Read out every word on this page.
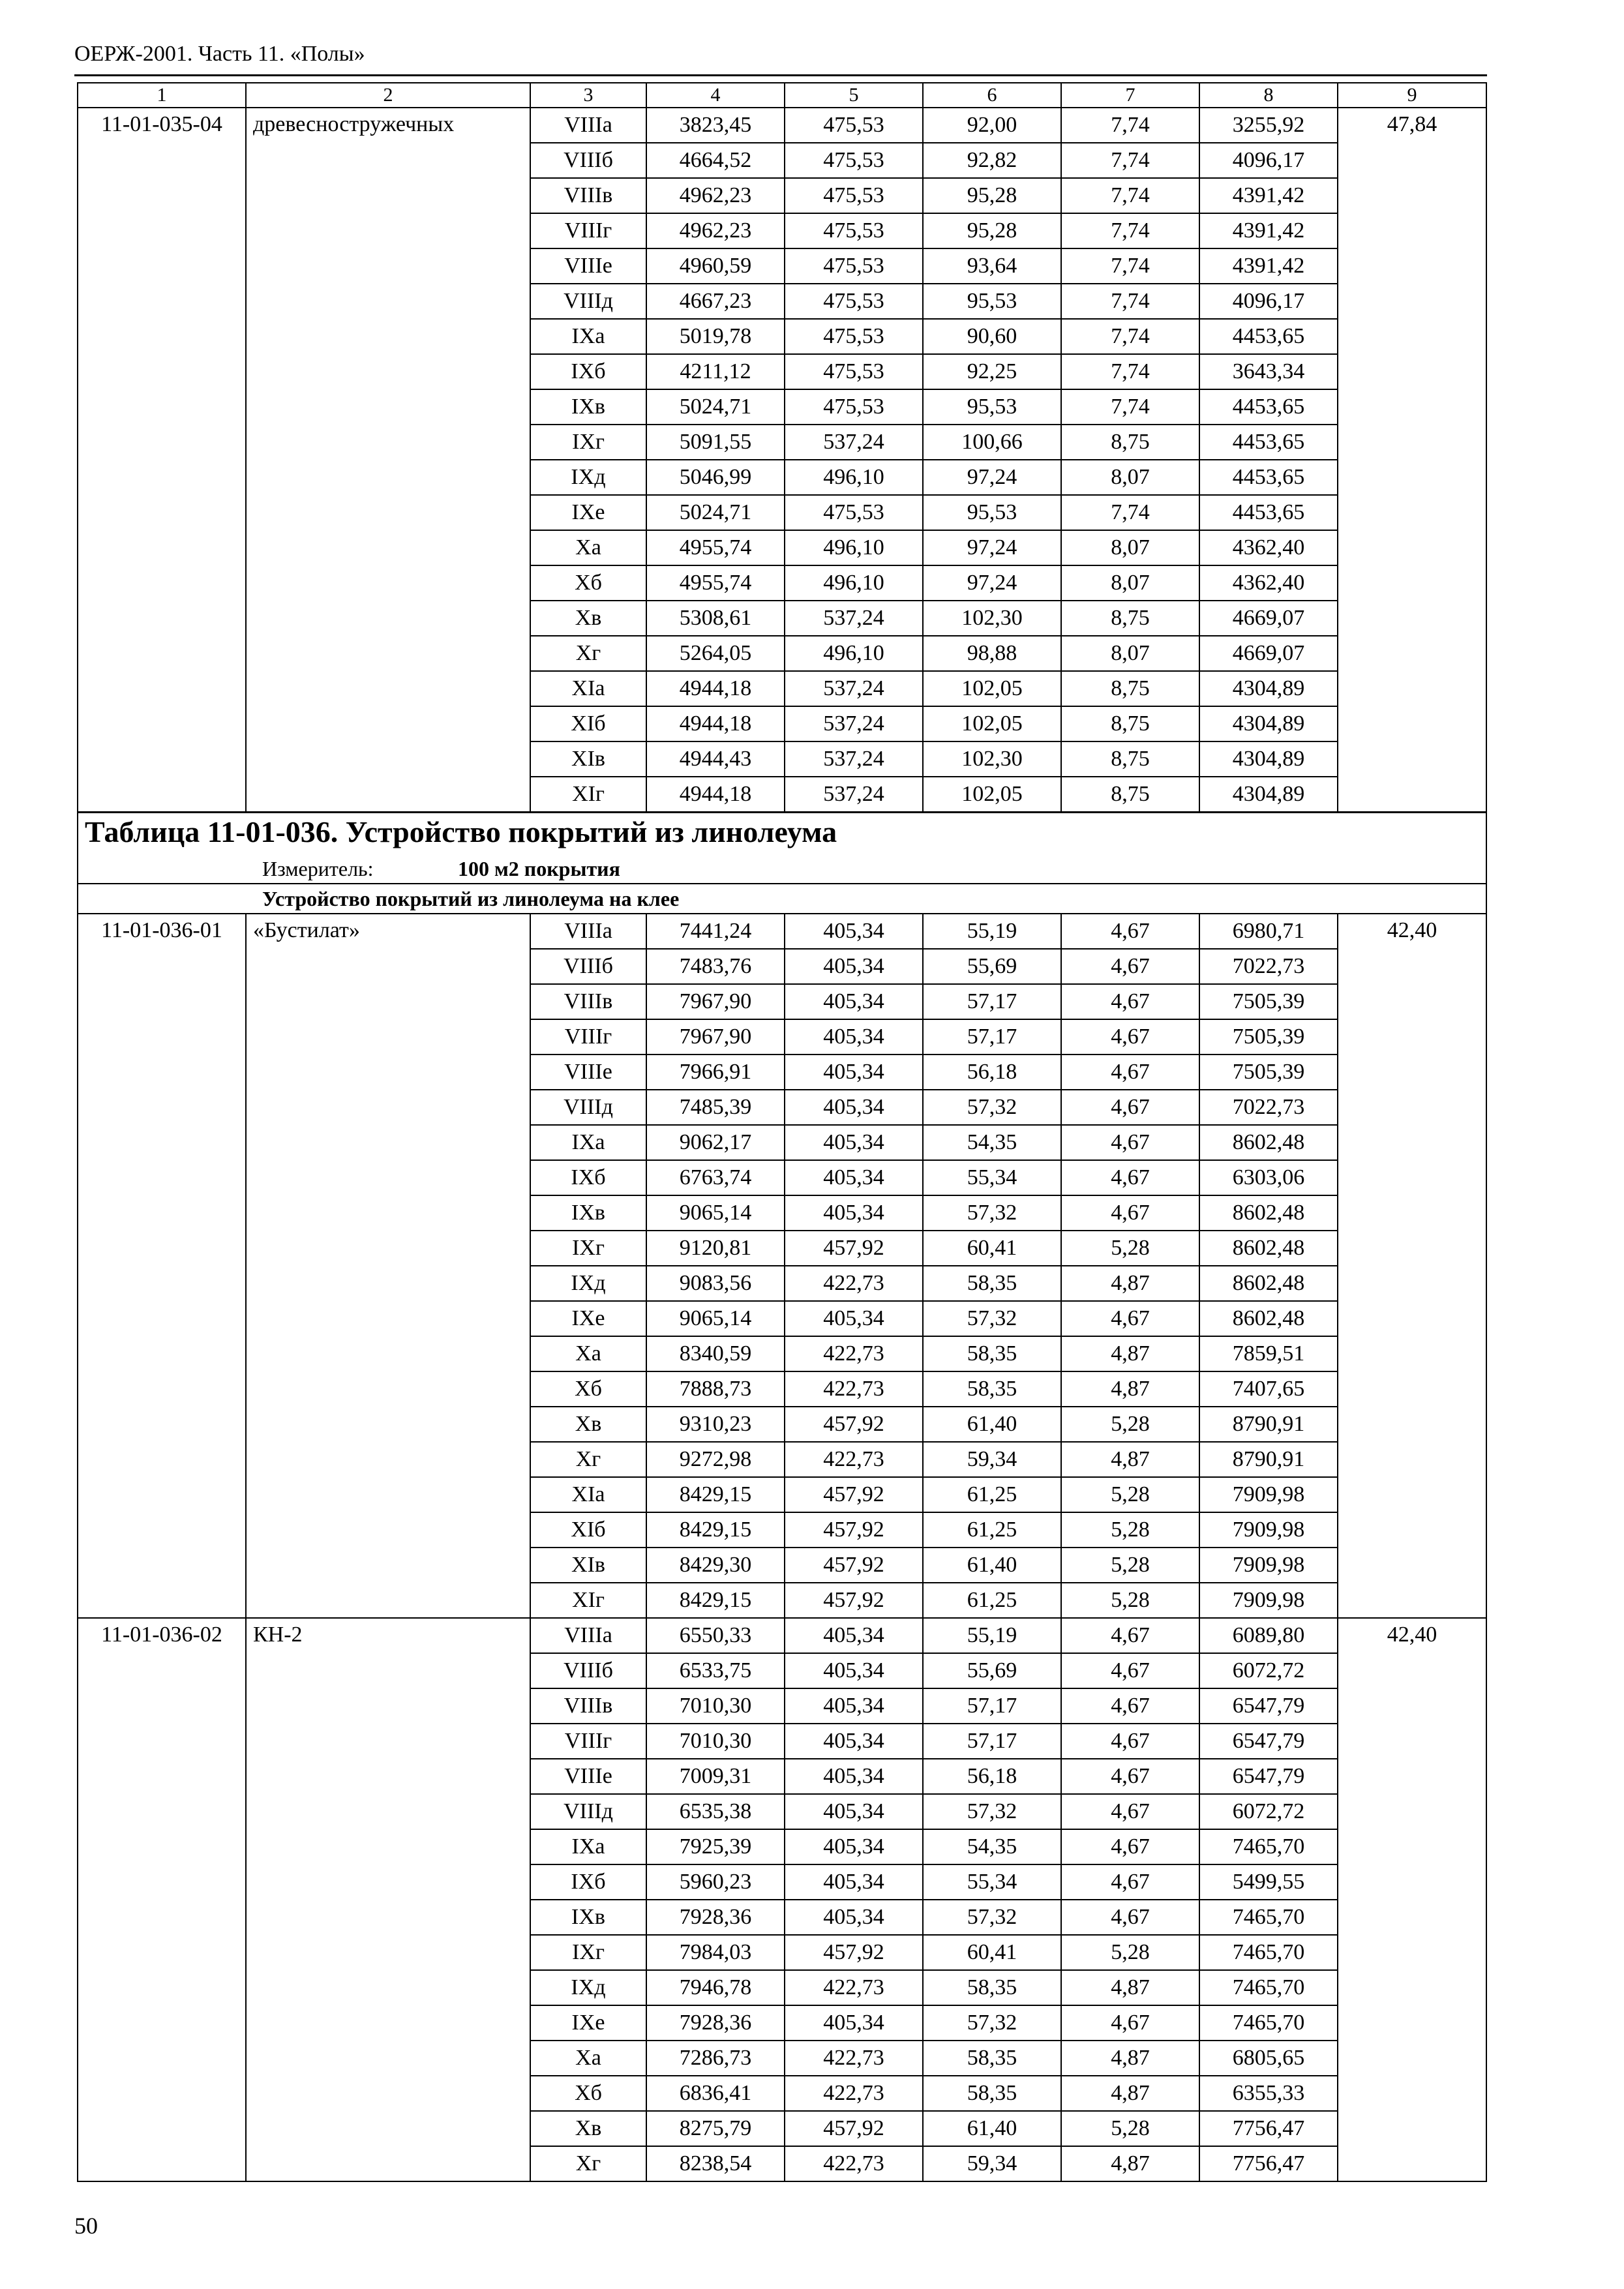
ОЕРЖ-2001. Часть 11. «Полы»
1	2	3	4	5	6	7	8	9
11-01-035-04	древесностружечных	VIIIа	3823,45	475,53	92,00	7,74	3255,92	47,84
		VIIIб	4664,52	475,53	92,82	7,74	4096,17	
		VIIIв	4962,23	475,53	95,28	7,74	4391,42	
		VIIIг	4962,23	475,53	95,28	7,74	4391,42	
		VIIIе	4960,59	475,53	93,64	7,74	4391,42	
		VIIIд	4667,23	475,53	95,53	7,74	4096,17	
		IXа	5019,78	475,53	90,60	7,74	4453,65	
		IXб	4211,12	475,53	92,25	7,74	3643,34	
		IXв	5024,71	475,53	95,53	7,74	4453,65	
		IXг	5091,55	537,24	100,66	8,75	4453,65	
		IXд	5046,99	496,10	97,24	8,07	4453,65	
		IXе	5024,71	475,53	95,53	7,74	4453,65	
		Xа	4955,74	496,10	97,24	8,07	4362,40	
		Xб	4955,74	496,10	97,24	8,07	4362,40	
		Xв	5308,61	537,24	102,30	8,75	4669,07	
		Xг	5264,05	496,10	98,88	8,07	4669,07	
		XIа	4944,18	537,24	102,05	8,75	4304,89	
		XIб	4944,18	537,24	102,05	8,75	4304,89	
		XIв	4944,43	537,24	102,30	8,75	4304,89	
		XIг	4944,18	537,24	102,05	8,75	4304,89	
Таблица 11-01-036. Устройство покрытий из линолеума								
Измеритель: 100 м2 покрытия								
Устройство покрытий из линолеума на клее								
11-01-036-01	«Бустилат»	VIIIа	7441,24	405,34	55,19	4,67	6980,71	42,40
		VIIIб	7483,76	405,34	55,69	4,67	7022,73	
		VIIIв	7967,90	405,34	57,17	4,67	7505,39	
		VIIIг	7967,90	405,34	57,17	4,67	7505,39	
		VIIIе	7966,91	405,34	56,18	4,67	7505,39	
		VIIIд	7485,39	405,34	57,32	4,67	7022,73	
		IXа	9062,17	405,34	54,35	4,67	8602,48	
		IXб	6763,74	405,34	55,34	4,67	6303,06	
		IXв	9065,14	405,34	57,32	4,67	8602,48	
		IXг	9120,81	457,92	60,41	5,28	8602,48	
		IXд	9083,56	422,73	58,35	4,87	8602,48	
		IXе	9065,14	405,34	57,32	4,67	8602,48	
		Xа	8340,59	422,73	58,35	4,87	7859,51	
		Xб	7888,73	422,73	58,35	4,87	7407,65	
		Xв	9310,23	457,92	61,40	5,28	8790,91	
		Xг	9272,98	422,73	59,34	4,87	8790,91	
		XIа	8429,15	457,92	61,25	5,28	7909,98	
		XIб	8429,15	457,92	61,25	5,28	7909,98	
		XIв	8429,30	457,92	61,40	5,28	7909,98	
		XIг	8429,15	457,92	61,25	5,28	7909,98	
11-01-036-02	КН-2	VIIIа	6550,33	405,34	55,19	4,67	6089,80	42,40
		VIIIб	6533,75	405,34	55,69	4,67	6072,72	
		VIIIв	7010,30	405,34	57,17	4,67	6547,79	
		VIIIг	7010,30	405,34	57,17	4,67	6547,79	
		VIIIе	7009,31	405,34	56,18	4,67	6547,79	
		VIIIд	6535,38	405,34	57,32	4,67	6072,72	
		IXа	7925,39	405,34	54,35	4,67	7465,70	
		IXб	5960,23	405,34	55,34	4,67	5499,55	
		IXв	7928,36	405,34	57,32	4,67	7465,70	
		IXг	7984,03	457,92	60,41	5,28	7465,70	
		IXд	7946,78	422,73	58,35	4,87	7465,70	
		IXе	7928,36	405,34	57,32	4,67	7465,70	
		Xа	7286,73	422,73	58,35	4,87	6805,65	
		Xб	6836,41	422,73	58,35	4,87	6355,33	
		Xв	8275,79	457,92	61,40	5,28	7756,47	
		Xг	8238,54	422,73	59,34	4,87	7756,47	
50
